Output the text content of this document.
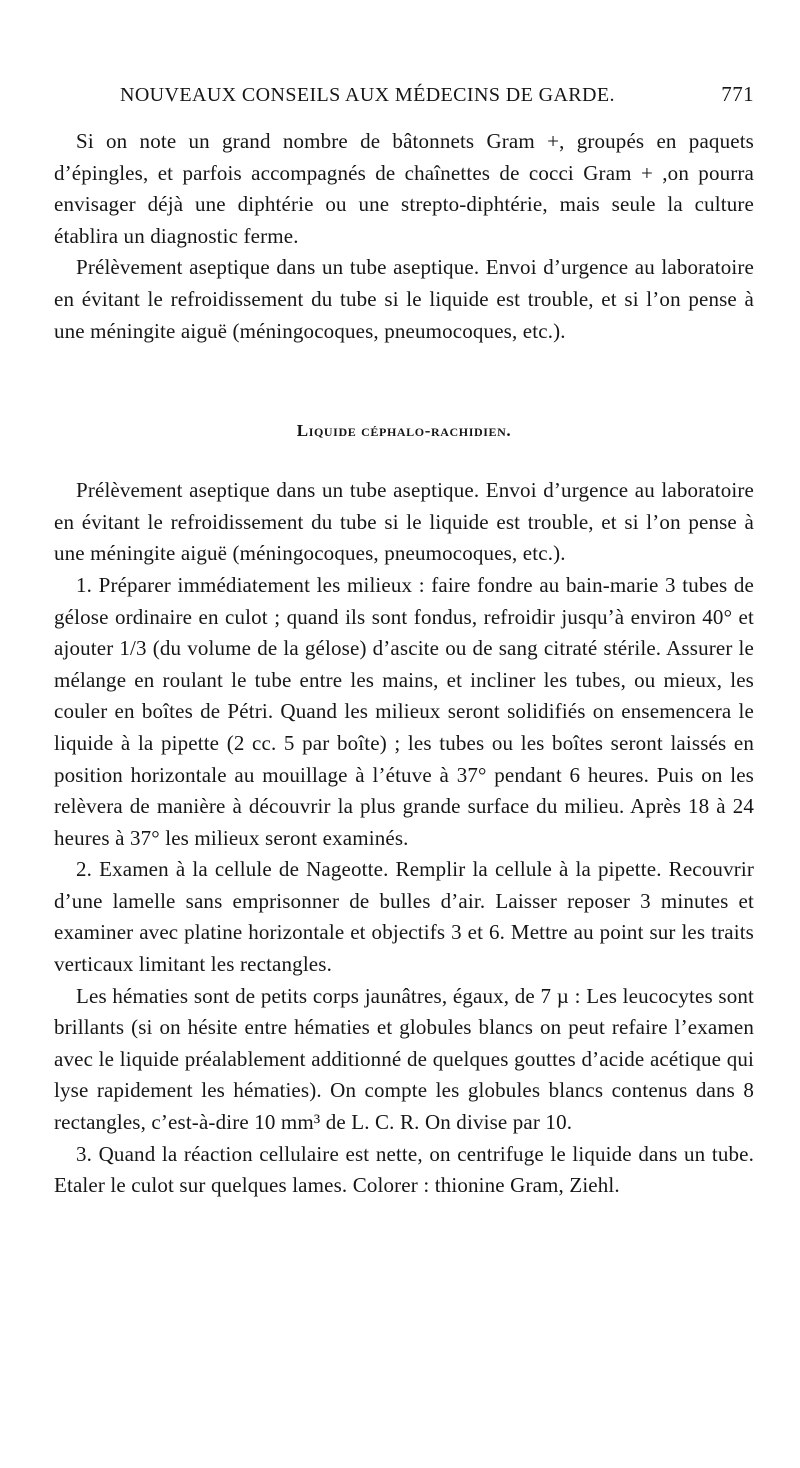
NOUVEAUX CONSEILS AUX MÉDECINS DE GARDE.	771

Si on note un grand nombre de bâtonnets Gram +, groupés en paquets d’épingles, et parfois accompagnés de chaînettes de cocci Gram + ,on pourra envisager déjà une diphtérie ou une strepto-diphtérie, mais seule la culture établira un diagnostic ferme.

Prélèvement aseptique dans un tube aseptique. Envoi d’urgence au laboratoire en évitant le refroidissement du tube si le liquide est trouble, et si l’on pense à une méningite aiguë (méningocoques, pneumocoques, etc.).

Liquide céphalo-rachidien.

Prélèvement aseptique dans un tube aseptique. Envoi d’urgence au laboratoire en évitant le refroidissement du tube si le liquide est trouble, et si l’on pense à une méningite aiguë (méningocoques, pneumocoques, etc.).

1. Préparer immédiatement les milieux : faire fondre au bain-marie 3 tubes de gélose ordinaire en culot ; quand ils sont fondus, refroidir jusqu’à environ 40° et ajouter 1/3 (du volume de la gélose) d’ascite ou de sang citraté stérile. Assurer le mélange en roulant le tube entre les mains, et incliner les tubes, ou mieux, les couler en boîtes de Pétri. Quand les milieux seront solidifiés on ensemencera le liquide à la pipette (2 cc. 5 par boîte) ; les tubes ou les boîtes seront laissés en position horizontale au mouillage à l’étuve à 37° pendant 6 heures. Puis on les relèvera de manière à découvrir la plus grande surface du milieu. Après 18 à 24 heures à 37° les milieux seront examinés.

2. Examen à la cellule de Nageotte. Remplir la cellule à la pipette. Recouvrir d’une lamelle sans emprisonner de bulles d’air. Laisser reposer 3 minutes et examiner avec platine horizontale et objectifs 3 et 6. Mettre au point sur les traits verticaux limitant les rectangles.

Les hématies sont de petits corps jaunâtres, égaux, de 7 µ : Les leucocytes sont brillants (si on hésite entre hématies et globules blancs on peut refaire l’examen avec le liquide préalablement additionné de quelques gouttes d’acide acétique qui lyse rapidement les hématies). On compte les globules blancs contenus dans 8 rectangles, c’est-à-dire 10 mm³ de L. C. R. On divise par 10.

3. Quand la réaction cellulaire est nette, on centrifuge le liquide dans un tube. Etaler le culot sur quelques lames. Colorer : thionine Gram, Ziehl.
